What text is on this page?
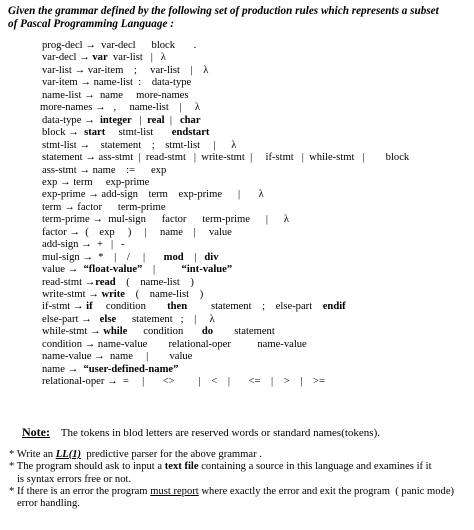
Given the grammar defined by the following set of production rules which represents a subset
of Pascal Programming Language :
prog-decl →  var-decl      block       .
var-decl → var  var-list   |   λ
var-list → var-item    ;     var-list    |    λ
var-item → name-list  :    data-type
name-list →  name     more-names
more-names →   ,     name-list    |     λ
data-type → integer   |  real  |   char
block → start     stmt-list       endstart
stmt-list →    statement    ;    stmt-list     |      λ
statement → ass-stmt  |  read-stmt   |  write-stmt  |     if-stmt   |  while-stmt   |        block
ass-stmt → name    :=      exp
exp → term     exp-prime
exp-prime → add-sign    term    exp-prime      |       λ
term → factor      term-prime
term-prime →  mul-sign      factor      term-prime      |      λ
factor →  (    exp     )     |     name    |     value
add-sign →  +   |   -
mul-sign →  *    |    /     |       mod    |   div
value → “float-value”    |          “int-value”
read-stmt →read    (    name-list    )
write-stmt → write    (    name-list    )
if-stmt → if     condition        then         statement    ;    else-part    endif
else-part → else      statement   ;    |     λ
while-stmt → while      condition       do        statement
condition → name-value        relational-oper          name-value
name-value →  name     |        value
name → “user-defined-name”
relational-oper →  =     |       <>         |    <    |       <=    |    >    |    >=

Note: The tokens in blod letters are reserved words or standard names(tokens).

* Write an LL(1)  predictive parser for the above grammar .
* The program should ask to input a text file containing a source in this language and examines if it
is syntax errors free or not.
* If there is an error the program must report where exactly the error and exit the program  ( panic mode)
error handling.
